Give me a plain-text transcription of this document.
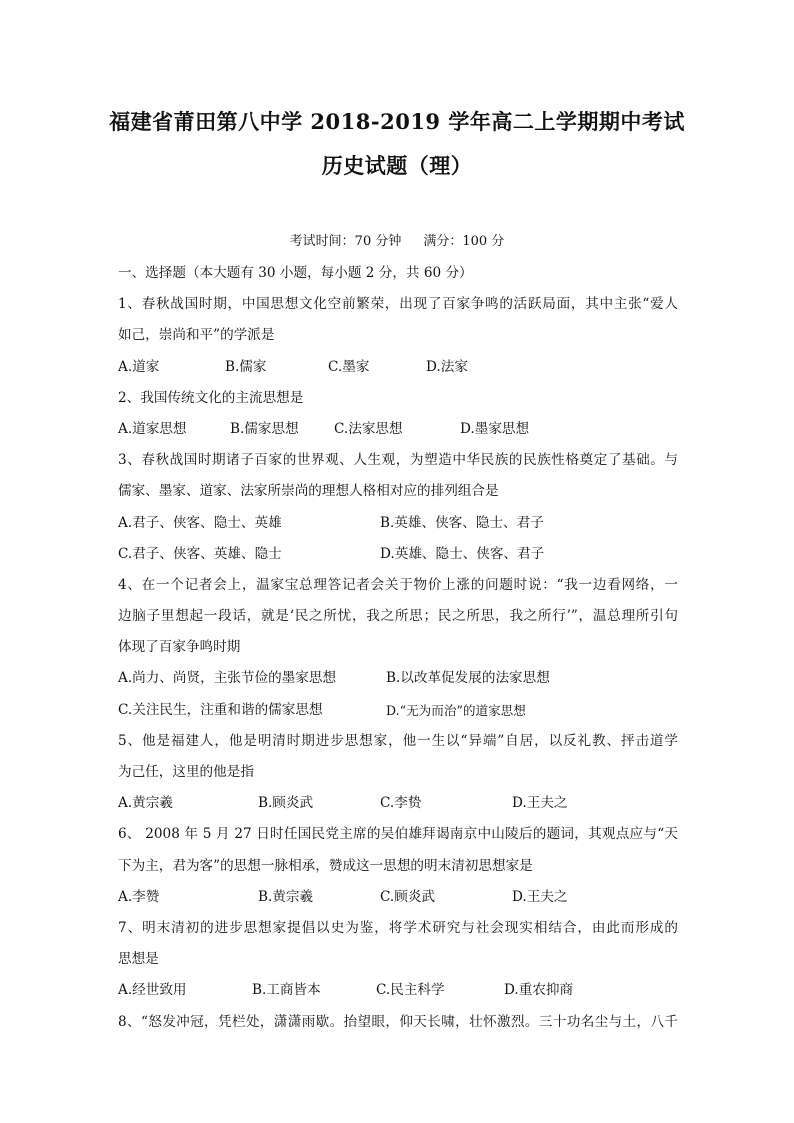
福建省莆田第八中学 2018-2019 学年高二上学期期中考试
历史试题（理）
考试时间：70 分钟 满分：100 分
一、选择题（本大题有 30 小题，每小题 2 分，共 60 分）
1、春秋战国时期，中国思想文化空前繁荣，出现了百家争鸣的活跃局面，其中主张“爱人
如己，崇尚和平”的学派是
A.道家	B.儒家	C.墨家	D.法家
2、我国传统文化的主流思想是
A.道家思想	B.儒家思想	C.法家思想	D.墨家思想
3、春秋战国时期诸子百家的世界观、人生观，为塑造中华民族的民族性格奠定了基础。与
儒家、墨家、道家、法家所崇尚的理想人格相对应的排列组合是
A.君子、侠客、隐士、英雄	B.英雄、侠客、隐士、君子
C.君子、侠客、英雄、隐士	D.英雄、隐士、侠客、君子
4、在一个记者会上，温家宝总理答记者会关于物价上涨的问题时说：“我一边看网络，一
边脑子里想起一段话，就是‘民之所忧，我之所思；民之所思，我之所行’”，温总理所引句
体现了百家争鸣时期
A.尚力、尚贤，主张节俭的墨家思想	B.以改革促发展的法家思想
C.关注民生，注重和谐的儒家思想	D.“无为而治”的道家思想
5、他是福建人，他是明清时期进步思想家，他一生以“异端”自居，以反礼教、抨击道学
为己任，这里的他是指
A.黄宗羲	B.顾炎武	C.李贽	D.王夫之
6、 2008 年 5 月 27 日时任国民党主席的吴伯雄拜谒南京中山陵后的题词，其观点应与“天
下为主，君为客”的思想一脉相承，赞成这一思想的明末清初思想家是
A.李赞	B.黄宗羲	C.顾炎武	D.王夫之
7、明末清初的进步思想家提倡以史为鉴，将学术研究与社会现实相结合，由此而形成的
思想是
A.经世致用	B.工商皆本	C.民主科学	D.重农抑商
8、“怒发冲冠，凭栏处，潇潇雨歇。抬望眼，仰天长啸，壮怀激烈。三十功名尘与土，八千
